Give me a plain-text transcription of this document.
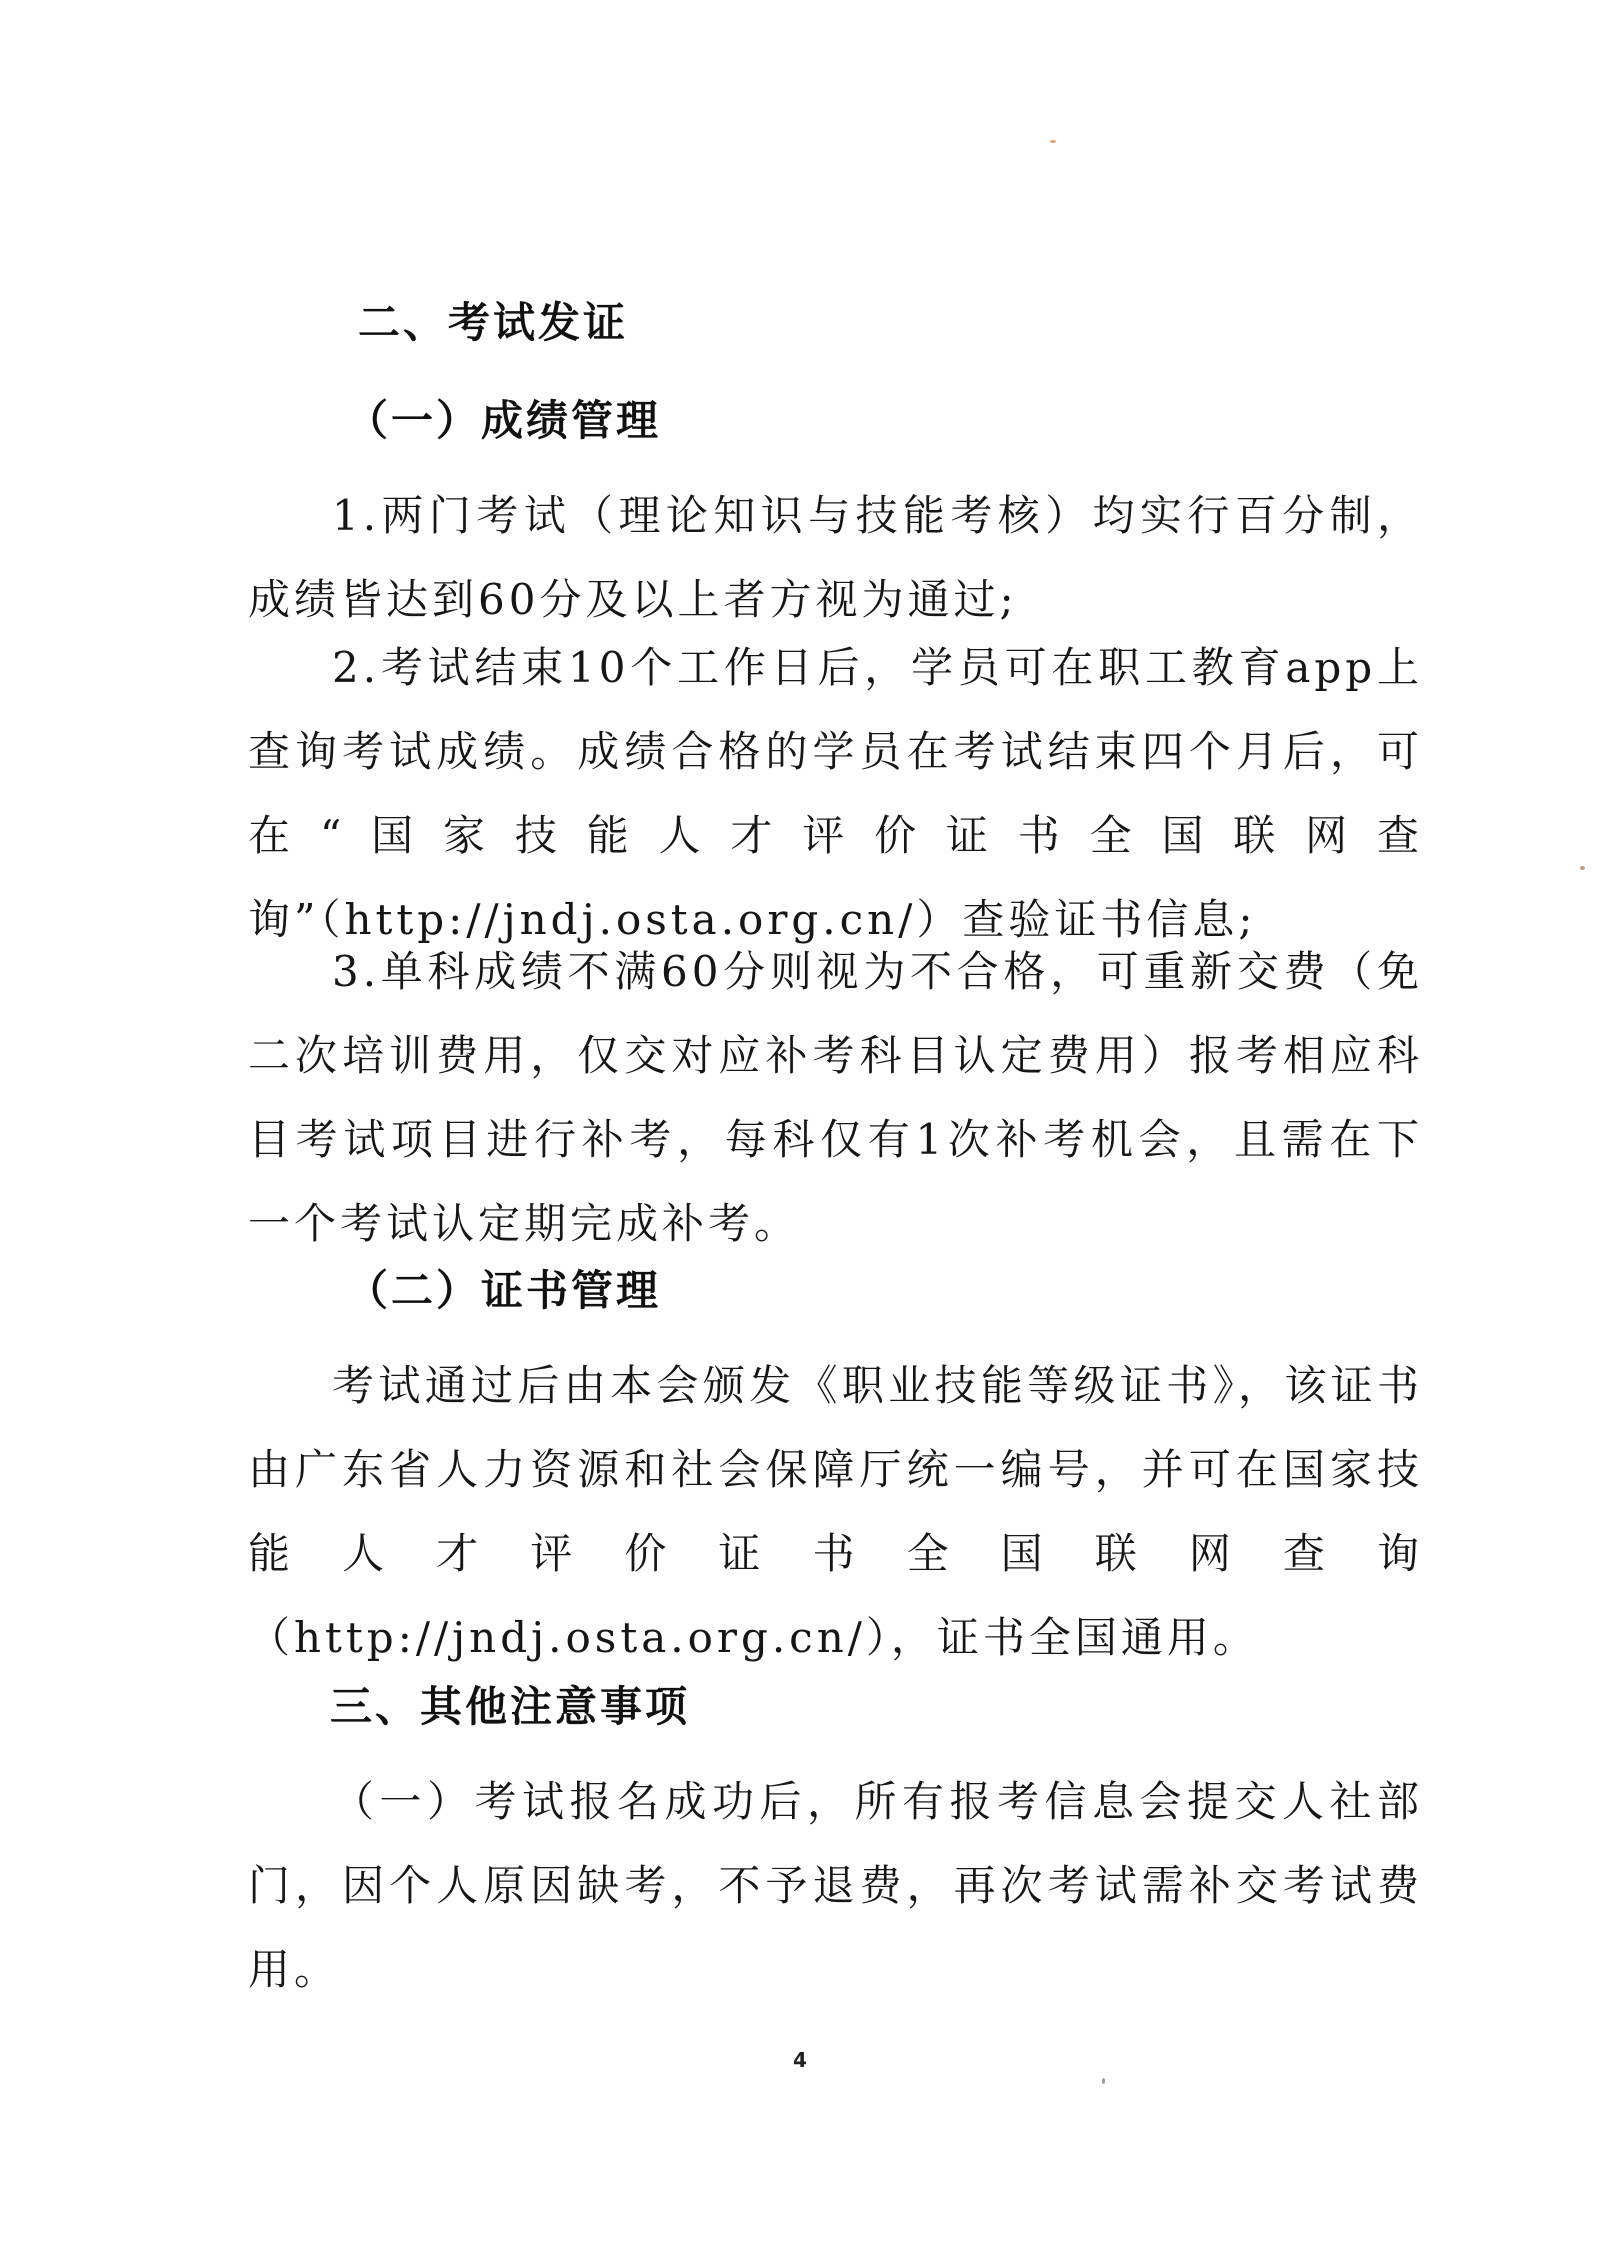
二、考试发证
（一）成绩管理
1.两门考试（理论知识与技能考核）均实行百分制，成绩皆达到60分及以上者方视为通过;
2.考试结束10个工作日后，学员可在职工教育app上查询考试成绩。成绩合格的学员在考试结束四个月后，可在“国家技能人才评价证书全国联网查询”（http://jndj.osta.org.cn/）查验证书信息;
3.单科成绩不满60分则视为不合格，可重新交费（免二次培训费用，仅交对应补考科目认定费用）报考相应科目考试项目进行补考，每科仅有1次补考机会，且需在下一个考试认定期完成补考。
（二）证书管理
考试通过后由本会颁发《职业技能等级证书》，该证书由广东省人力资源和社会保障厅统一编号，并可在国家技能人才评价证书全国联网查询（http://jndj.osta.org.cn/），证书全国通用。
三、其他注意事项
（一）考试报名成功后，所有报考信息会提交人社部门，因个人原因缺考，不予退费，再次考试需补交考试费用。
4
